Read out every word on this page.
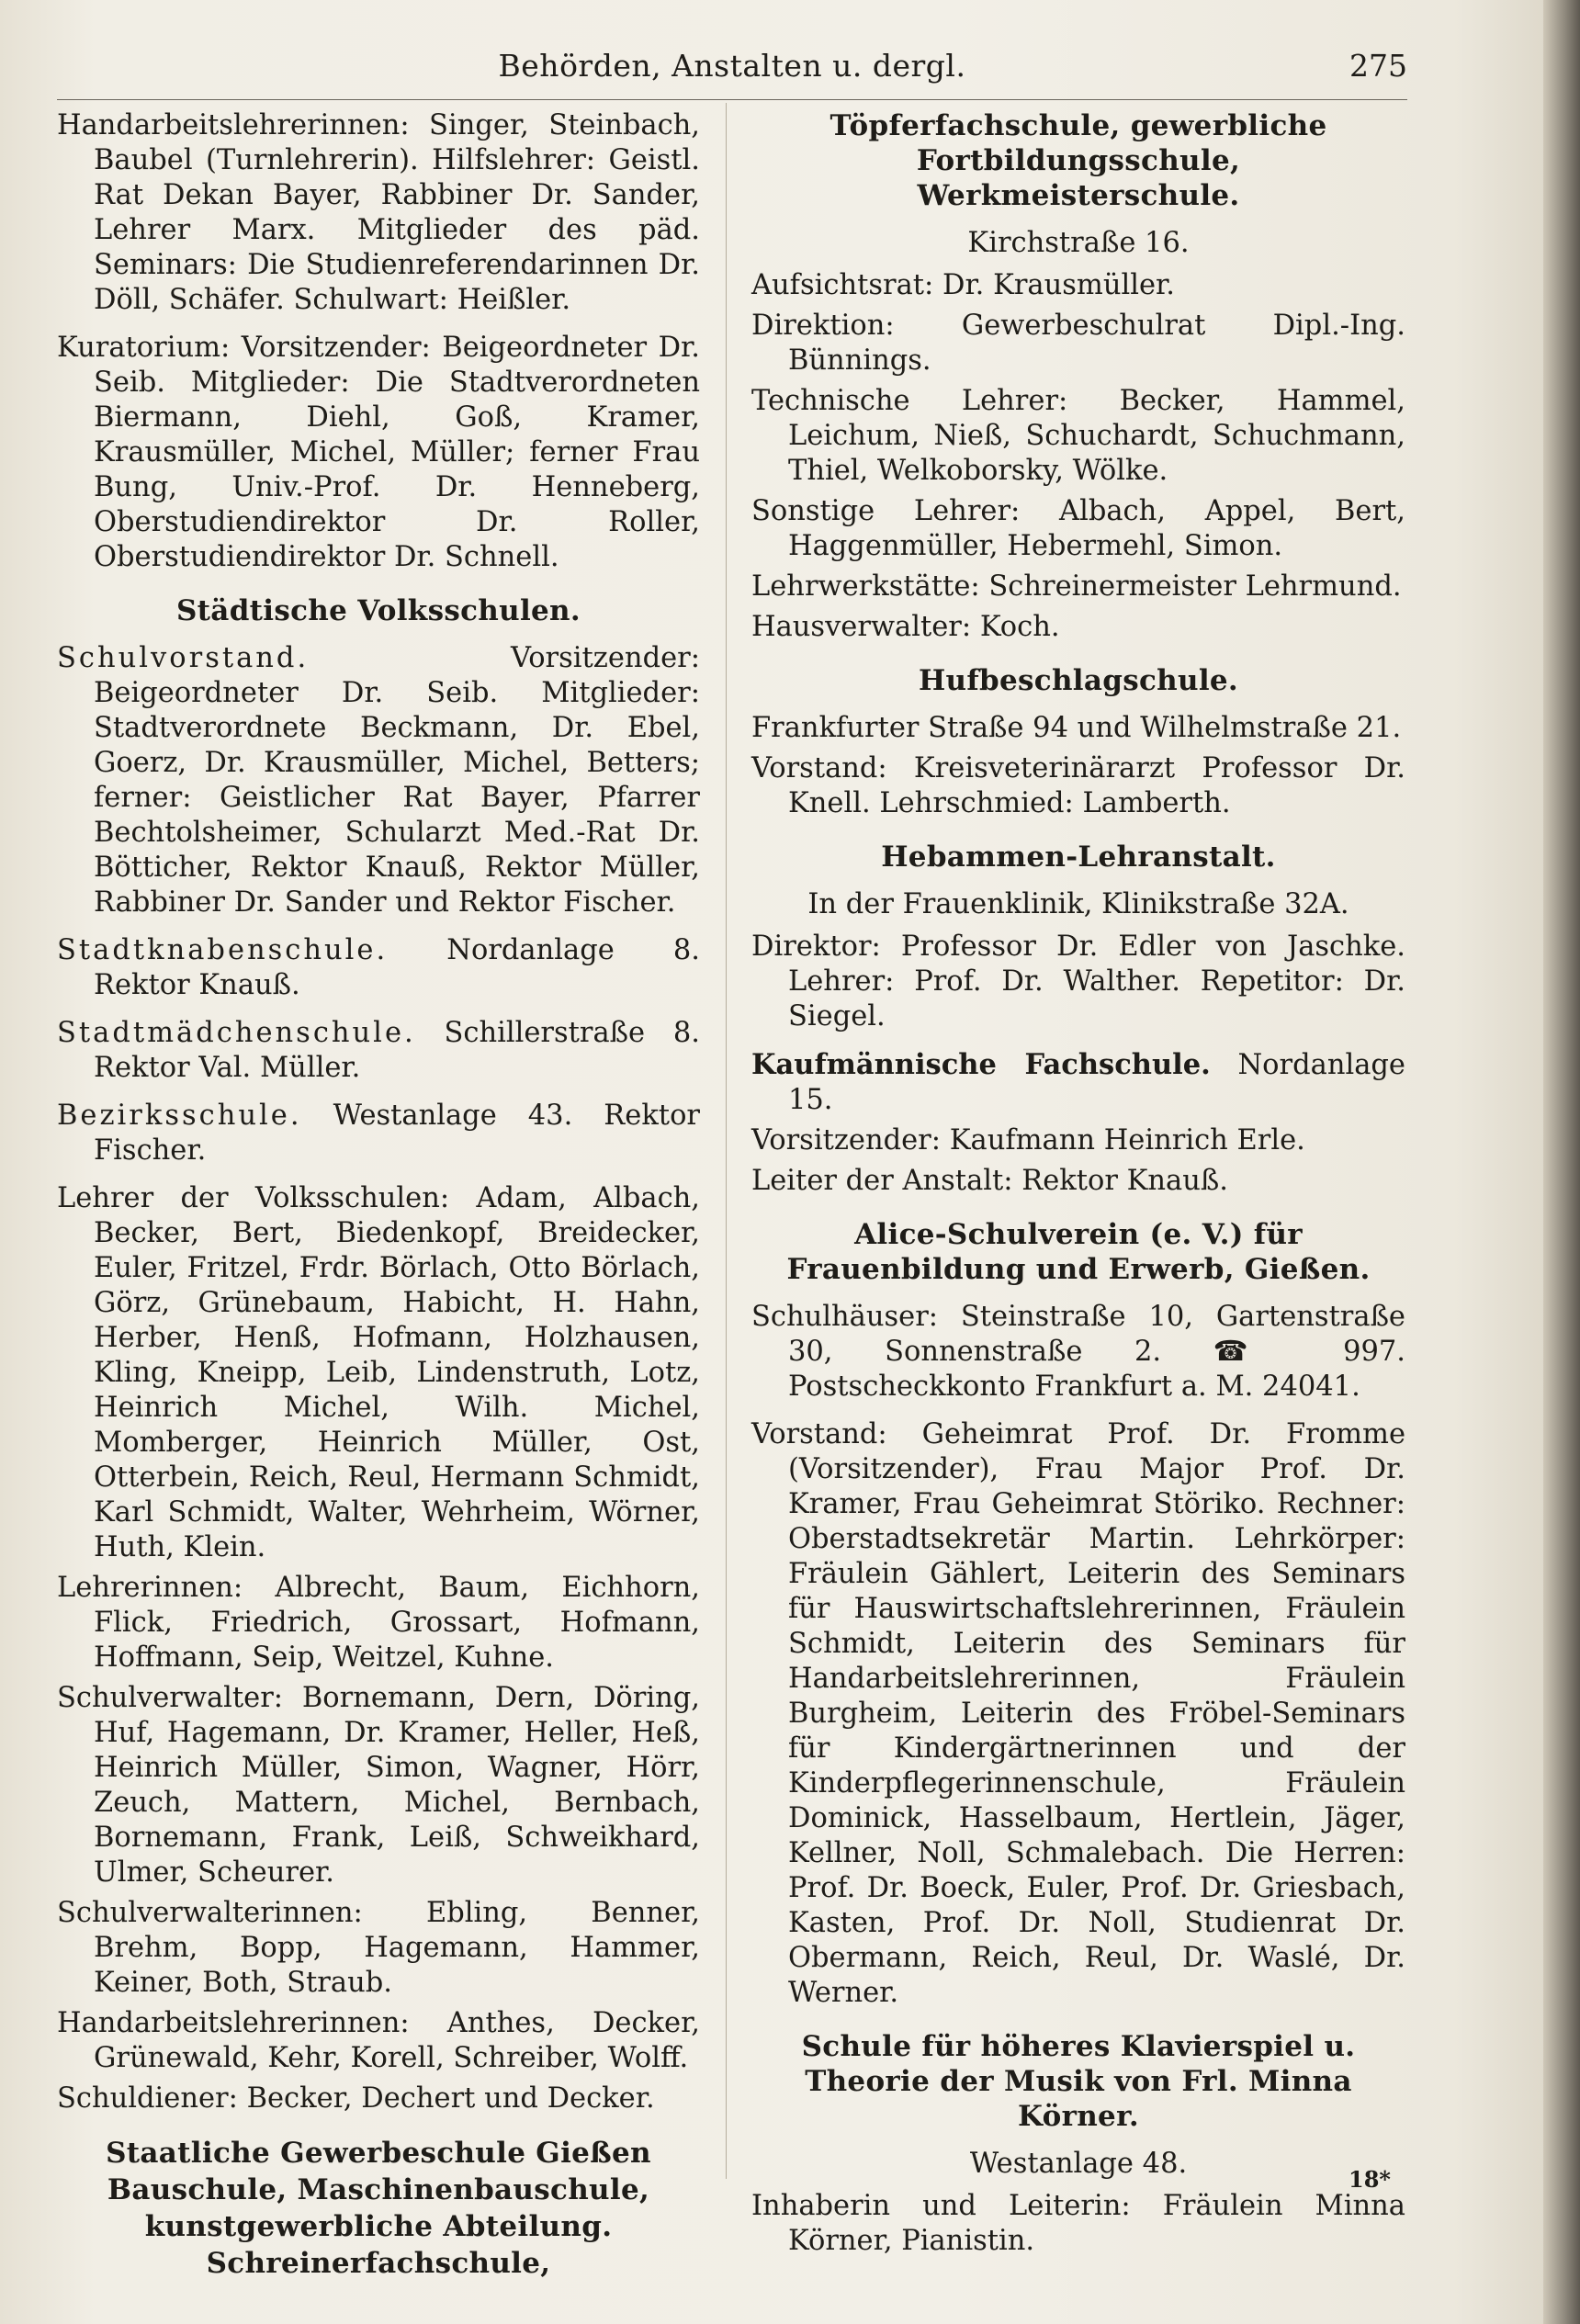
Behörden, Anstalten u. dergl.	275

Handarbeitslehrerinnen: Singer, Steinbach, Baubel (Turnlehrerin). Hilfslehrer: Geistl. Rat Dekan Bayer, Rabbiner Dr. Sander, Lehrer Marx. Mitglieder des päd. Seminars: Die Studienreferendarinnen Dr. Döll, Schäfer. Schulwart: Heißler.

Kuratorium: Vorsitzender: Beigeordneter Dr. Seib. Mitglieder: Die Stadtverordneten Biermann, Diehl, Goß, Kramer, Krausmüller, Michel, Müller; ferner Frau Bung, Univ.-Prof. Dr. Henneberg, Oberstudiendirektor Dr. Roller, Oberstudiendirektor Dr. Schnell.

Städtische Volksschulen.

Schulvorstand.	Vorsitzender: Beigeordneter Dr. Seib. Mitglieder: Stadtverordnete Beckmann, Dr. Ebel, Goerz, Dr. Krausmüller, Michel, Betters; ferner: Geistlicher Rat Bayer, Pfarrer Bechtolsheimer, Schularzt Med.-Rat Dr. Bötticher, Rektor Knauß, Rektor Müller, Rabbiner Dr. Sander und Rektor Fischer.

Stadtknabenschule. Nordanlage 8. Rektor Knauß.

Stadtmädchenschule. Schillerstraße 8. Rektor Val. Müller.

Bezirksschule. Westanlage 43. Rektor Fischer.

Lehrer der Volksschulen: Adam, Albach, Becker, Bert, Biedenkopf, Breidecker, Euler, Fritzel, Frdr. Börlach, Otto Börlach, Görz, Grünebaum, Habicht, H. Hahn, Herber, Henß, Hofmann, Holzhausen, Kling, Kneipp, Leib, Lindenstruth, Lotz, Heinrich Michel, Wilh. Michel, Momberger, Heinrich Müller, Ost, Otterbein, Reich, Reul, Hermann Schmidt, Karl Schmidt, Walter, Wehrheim, Wörner, Huth, Klein.

Lehrerinnen: Albrecht, Baum, Eichhorn, Flick, Friedrich, Grossart, Hofmann, Hoffmann, Seip, Weitzel, Kuhne.

Schulverwalter: Bornemann, Dern, Döring, Huf, Hagemann, Dr. Kramer, Heller, Heß, Heinrich Müller, Simon, Wagner, Hörr, Zeuch, Mattern, Michel, Bernbach, Bornemann, Frank, Leiß, Schweikhard, Ulmer, Scheurer.

Schulverwalterinnen: Ebling, Benner, Brehm, Bopp, Hagemann, Hammer, Keiner, Both, Straub.

Handarbeitslehrerinnen: Anthes, Decker, Grünewald, Kehr, Korell, Schreiber, Wolff.

Schuldiener: Becker, Dechert und Decker.

Staatliche Gewerbeschule Gießen Bauschule, Maschinenbauschule, kunstgewerbliche Abteilung. Schreinerfachschule,
Töpferfachschule, gewerbliche Fortbildungsschule, Werkmeisterschule.
Kirchstraße 16.

Aufsichtsrat: Dr. Krausmüller.

Direktion: Gewerbeschulrat Dipl.-Ing. Bünnings.

Technische Lehrer: Becker, Hammel, Leichum, Nieß, Schuchardt, Schuchmann, Thiel, Welkoborsky, Wölke.

Sonstige Lehrer: Albach, Appel, Bert, Haggenmüller, Hebermehl, Simon.

Lehrwerkstätte: Schreinermeister Lehrmund.

Hausverwalter: Koch.

Hufbeschlagschule.

Frankfurter Straße 94 und Wilhelmstraße 21.

Vorstand: Kreisveterinärarzt Professor Dr. Knell. Lehrschmied: Lamberth.

Hebammen-Lehranstalt.
In der Frauenklinik, Klinikstraße 32A.

Direktor: Professor Dr. Edler von Jaschke. Lehrer: Prof. Dr. Walther. Repetitor: Dr. Siegel.

Kaufmännische Fachschule. Nordanlage 15.

Vorsitzender: Kaufmann Heinrich Erle.

Leiter der Anstalt: Rektor Knauß.

Alice-Schulverein (e. V.) für Frauenbildung und Erwerb, Gießen.

Schulhäuser: Steinstraße 10, Gartenstraße 30, Sonnenstraße 2. ☎ 997. Postscheckkonto Frankfurt a. M. 24041.

Vorstand: Geheimrat Prof. Dr. Fromme (Vorsitzender), Frau Major Prof. Dr. Kramer, Frau Geheimrat Störiko. Rechner: Oberstadtsekretär Martin. Lehrkörper: Fräulein Gählert, Leiterin des Seminars für Hauswirtschaftslehrerinnen, Fräulein Schmidt, Leiterin des Seminars für Handarbeitslehrerinnen, Fräulein Burgheim, Leiterin des Fröbel-Seminars für Kindergärtnerinnen und der Kinderpflegerinnenschule, Fräulein Dominick, Hasselbaum, Hertlein, Jäger, Kellner, Noll, Schmalebach. Die Herren: Prof. Dr. Boeck, Euler, Prof. Dr. Griesbach, Kasten, Prof. Dr. Noll, Studienrat Dr. Obermann, Reich, Reul, Dr. Waslé, Dr. Werner.

Schule für höheres Klavierspiel u. Theorie der Musik von Frl. Minna Körner.
Westanlage 48.

Inhaberin und Leiterin: Fräulein Minna Körner, Pianistin.

18*
